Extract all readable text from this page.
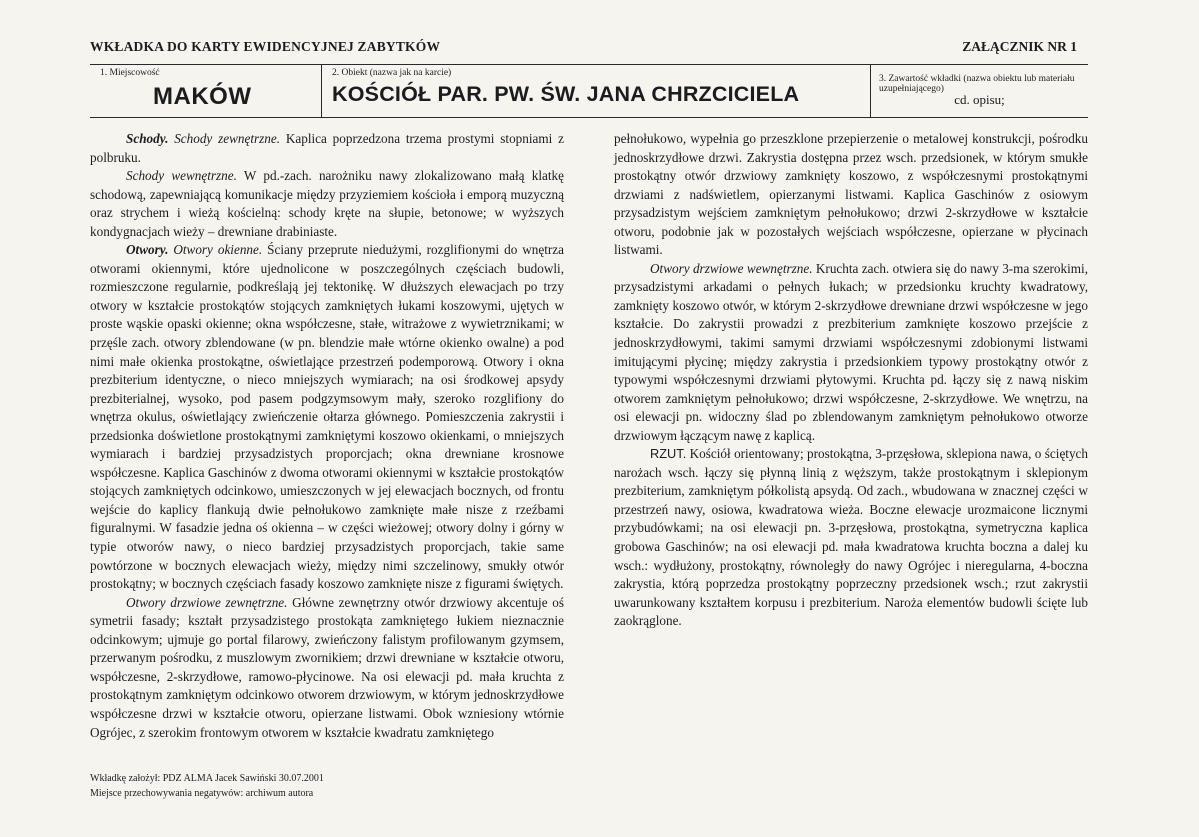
WKŁADKA DO KARTY EWIDENCYJNEJ ZABYTKÓW	ZAŁĄCZNIK NR 1
1. Miejscowość
MAKÓW
2. Obiekt (nazwa jak na karcie)
KOŚCIÓŁ PAR. PW. ŚW. JANA CHRZCICIELA
3. Zawartość wkładki (nazwa obiektu lub materiału uzupełniającego)
cd. opisu;

Schody. Schody zewnętrzne. Kaplica poprzedzona trzema prostymi stopniami z polbruku.

Schody wewnętrzne. W pd.-zach. narożniku nawy zlokalizowano małą klatkę schodową, zapewniającą komunikacje między przyziemiem kościoła i emporą muzyczną oraz strychem i wieżą kościelną: schody kręte na słupie, betonowe; w wyższych kondygnacjach wieży – drewniane drabiniaste.

Otwory. Otwory okienne. Ściany przeprute niedużymi, rozglifionymi do wnętrza otworami okiennymi, które ujednolicone w poszczególnych częściach budowli, rozmieszczone regularnie, podkreślają jej tektonikę. W dłuższych elewacjach po trzy otwory w kształcie prostokątów stojących zamkniętych łukami koszowymi, ujętych w proste wąskie opaski okienne; okna współczesne, stałe, witrażowe z wywietrznikami; w przęśle zach. otwory zblendowane (w pn. blendzie małe wtórne okienko owalne) a pod nimi małe okienka prostokątne, oświetlające przestrzeń podemporową. Otwory i okna prezbiterium identyczne, o nieco mniejszych wymiarach; na osi środkowej apsydy prezbiterialnej, wysoko, pod pasem podgzymsowym mały, szeroko rozglifiony do wnętrza okulus, oświetlający zwieńczenie ołtarza głównego. Pomieszczenia zakrystii i przedsionka doświetlone prostokątnymi zamkniętymi koszowo okienkami, o mniejszych wymiarach i bardziej przysadzistych proporcjach; okna drewniane krosnowe współczesne. Kaplica Gaschinów z dwoma otworami okiennymi w kształcie prostokątów stojących zamkniętych odcinkowo, umieszczonych w jej elewacjach bocznych, od frontu wejście do kaplicy flankują dwie pełnołukowo zamknięte małe nisze z rzeźbami figuralnymi. W fasadzie jedna oś okienna – w części wieżowej; otwory dolny i górny w typie otworów nawy, o nieco bardziej przysadzistych proporcjach, takie same powtórzone w bocznych elewacjach wieży, między nimi szczelinowy, smukły otwór prostokątny; w bocznych częściach fasady koszowo zamknięte nisze z figurami świętych.

Otwory drzwiowe zewnętrzne. Główne zewnętrzny otwór drzwiowy akcentuje oś symetrii fasady; kształt przysadzistego prostokąta zamkniętego łukiem nieznacznie odcinkowym; ujmuje go portal filarowy, zwieńczony falistym profilowanym gzymsem, przerwanym pośrodku, z muszlowym zwornikiem; drzwi drewniane w kształcie otworu, współczesne, 2-skrzydłowe, ramowo-płycinowe. Na osi elewacji pd. mała kruchta z prostokątnym zamkniętym odcinkowo otworem drzwiowym, w którym jednoskrzydłowe współczesne drzwi w kształcie otworu, opierzane listwami. Obok wzniesiony wtórnie Ogrójec, z szerokim frontowym otworem w kształcie kwadratu zamkniętego

pełnołukowo, wypełnia go przeszklone przepierzenie o metalowej konstrukcji, pośrodku jednoskrzydłowe drzwi. Zakrystia dostępna przez wsch. przedsionek, w którym smukłe prostokątny otwór drzwiowy zamknięty koszowo, z współczesnymi prostokątnymi drzwiami z nadświetlem, opierzanymi listwami. Kaplica Gaschinów z osiowym przysadzistym wejściem zamkniętym pełnołukowo; drzwi 2-skrzydłowe w kształcie otworu, podobnie jak w pozostałych wejściach współczesne, opierzane w płycinach listwami.

Otwory drzwiowe wewnętrzne. Kruchta zach. otwiera się do nawy 3-ma szerokimi, przysadzistymi arkadami o pełnych łukach; w przedsionku kruchty kwadratowy, zamknięty koszowo otwór, w którym 2-skrzydłowe drewniane drzwi współczesne w jego kształcie. Do zakrystii prowadzi z prezbiterium zamknięte koszowo przejście z jednoskrzydłowymi, takimi samymi drzwiami współczesnymi zdobionymi listwami imitującymi płycinę; między zakrystia i przedsionkiem typowy prostokątny otwór z typowymi współczesnymi drzwiami płytowymi. Kruchta pd. łączy się z nawą niskim otworem zamkniętym pełnołukowo; drzwi współczesne, 2-skrzydłowe. We wnętrzu, na osi elewacji pn. widoczny ślad po zblendowanym zamkniętym pełnołukowo otworze drzwiowym łączącym nawę z kaplicą.

RZUT. Kościół orientowany; prostokątna, 3-przęsłowa, sklepiona nawa, o ściętych narożach wsch. łączy się płynną linią z węższym, także prostokątnym i sklepionym prezbiterium, zamkniętym półkolistą apsydą. Od zach., wbudowana w znacznej części w przestrzeń nawy, osiowa, kwadratowa wieża. Boczne elewacje urozmaicone licznymi przybudówkami; na osi elewacji pn. 3-przęsłowa, prostokątna, symetryczna kaplica grobowa Gaschinów; na osi elewacji pd. mała kwadratowa kruchta boczna a dalej ku wsch.: wydłużony, prostokątny, równoległy do nawy Ogrójec i nieregularna, 4-boczna zakrystia, którą poprzedza prostokątny poprzeczny przedsionek wsch.; rzut zakrystii uwarunkowany kształtem korpusu i prezbiterium. Naroża elementów budowli ścięte lub zaokrąglone.

Wkładkę założył: PDZ ALMA Jacek Sawiński 30.07.2001
Miejsce przechowywania negatywów: archiwum autora
